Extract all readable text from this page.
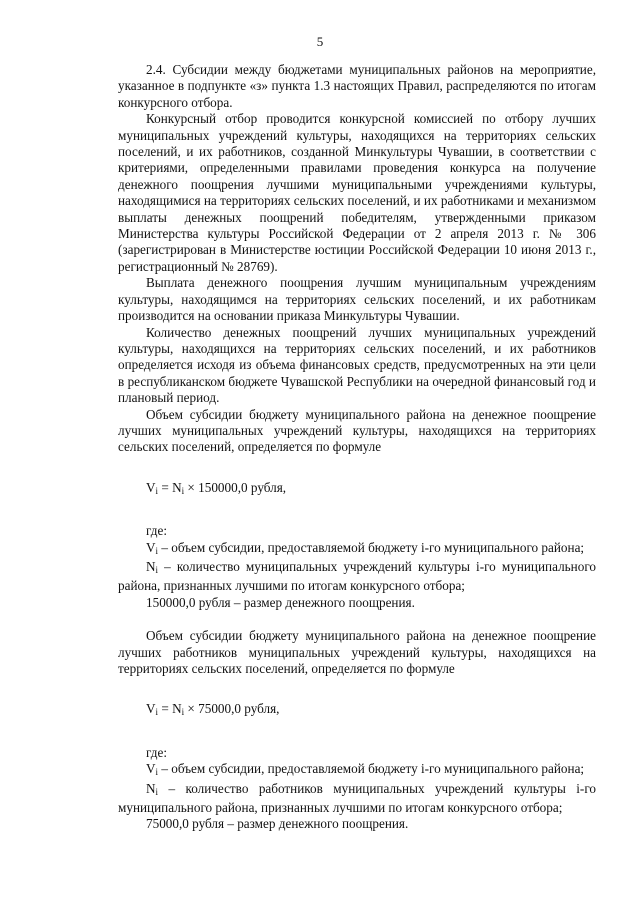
5

2.4. Субсидии между бюджетами муниципальных районов на мероприятие, указанное в подпункте «з» пункта 1.3 настоящих Правил, распределяются по итогам конкурсного отбора.

Конкурсный отбор проводится конкурсной комиссией по отбору лучших муниципальных учреждений культуры, находящихся на территориях сельских поселений, и их работников, созданной Минкультуры Чувашии, в соответствии с критериями, определенными правилами проведения конкурса на получение денежного поощрения лучшими муниципальными учреждениями культуры, находящимися на территориях сельских поселений, и их работниками и механизмом выплаты денежных поощрений победителям, утвержденными приказом Министерства культуры Российской Федерации от 2 апреля 2013 г. № 306 (зарегистрирован в Министерстве юстиции Российской Федерации 10 июня 2013 г., регистрационный № 28769).

Выплата денежного поощрения лучшим муниципальным учреждениям культуры, находящимся на территориях сельских поселений, и их работникам производится на основании приказа Минкультуры Чувашии.

Количество денежных поощрений лучших муниципальных учреждений культуры, находящихся на территориях сельских поселений, и их работников определяется исходя из объема финансовых средств, предусмотренных на эти цели в республиканском бюджете Чувашской Республики на очередной финансовый год и плановый период.

Объем субсидии бюджету муниципального района на денежное поощрение лучших муниципальных учреждений культуры, находящихся на территориях сельских поселений, определяется по формуле

$V_i = N_i \times 150000,0$ рубля,

где:

$V_i$ – объем субсидии, предоставляемой бюджету i-го муниципального района;

$N_i$ – количество муниципальных учреждений культуры i-го муниципального района, признанных лучшими по итогам конкурсного отбора;

150000,0 рубля – размер денежного поощрения.

Объем субсидии бюджету муниципального района на денежное поощрение лучших работников муниципальных учреждений культуры, находящихся на территориях сельских поселений, определяется по формуле

$V_i = N_i \times 75000,0$ рубля,

где:

$V_i$ – объем субсидии, предоставляемой бюджету i-го муниципального района;

$N_i$ – количество работников муниципальных учреждений культуры i-го муниципального района, признанных лучшими по итогам конкурсного отбора;

75000,0 рубля – размер денежного поощрения.
